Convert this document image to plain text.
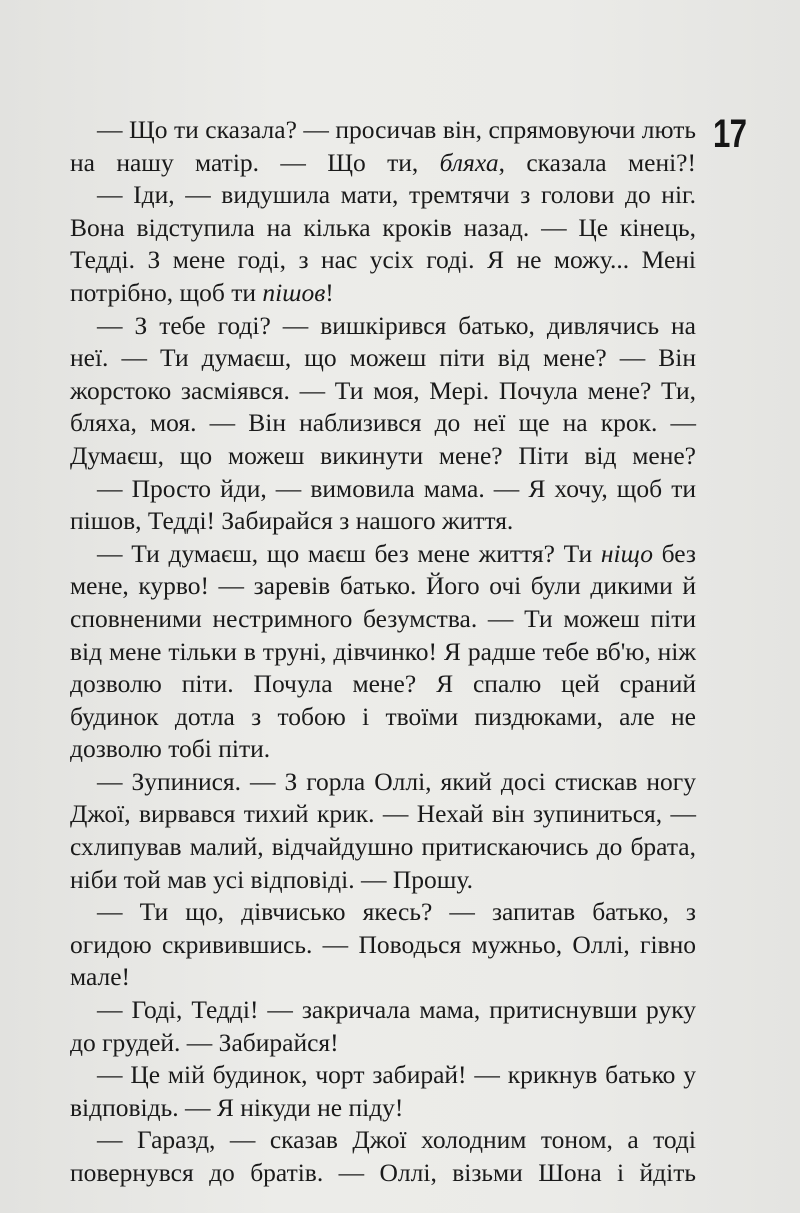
17

— Що ти сказала? — просичав він, спрямовуючи лють на нашу матір. — Що ти, бляха, сказала мені?!

— Іди, — видушила мати, тремтячи з голови до ніг. Вона відступила на кілька кроків назад. — Це кінець, Тедді. З мене годі, з нас усіх годі. Я не можу... Мені потрібно, щоб ти пішов!

— З тебе годі? — вишкірився батько, дивлячись на неї. — Ти думаєш, що можеш піти від мене? — Він жорстоко засміявся. — Ти моя, Мері. Почула мене? Ти, бляха, моя. — Він наблизився до неї ще на крок. — Думаєш, що можеш викинути мене? Піти від мене?

— Просто йди, — вимовила мама. — Я хочу, щоб ти пішов, Тедді! Забирайся з нашого життя.

— Ти думаєш, що маєш без мене життя? Ти ніщо без мене, курво! — заревів батько. Його очі були дикими й сповненими нестримного безумства. — Ти можеш піти від мене тільки в труні, дівчинко! Я радше тебе вб'ю, ніж дозволю піти. Почула мене? Я спалю цей сраний будинок дотла з тобою і твоїми пиздюками, але не дозволю тобі піти.

— Зупинися. — З горла Оллі, який досі стискав ногу Джої, вирвався тихий крик. — Нехай він зупиниться, — схлипував малий, відчайдушно притискаючись до брата, ніби той мав усі відповіді. — Прошу.

— Ти що, дівчисько якесь? — запитав батько, з огидою скривившись. — Поводься мужньо, Оллі, гівно мале!

— Годі, Тедді! — закричала мама, притиснувши руку до грудей. — Забирайся!

— Це мій будинок, чорт забирай! — крикнув батько у відповідь. — Я нікуди не піду!

— Гаразд, — сказав Джої холодним тоном, а тоді повернувся до братів. — Оллі, візьми Шона і йдіть
